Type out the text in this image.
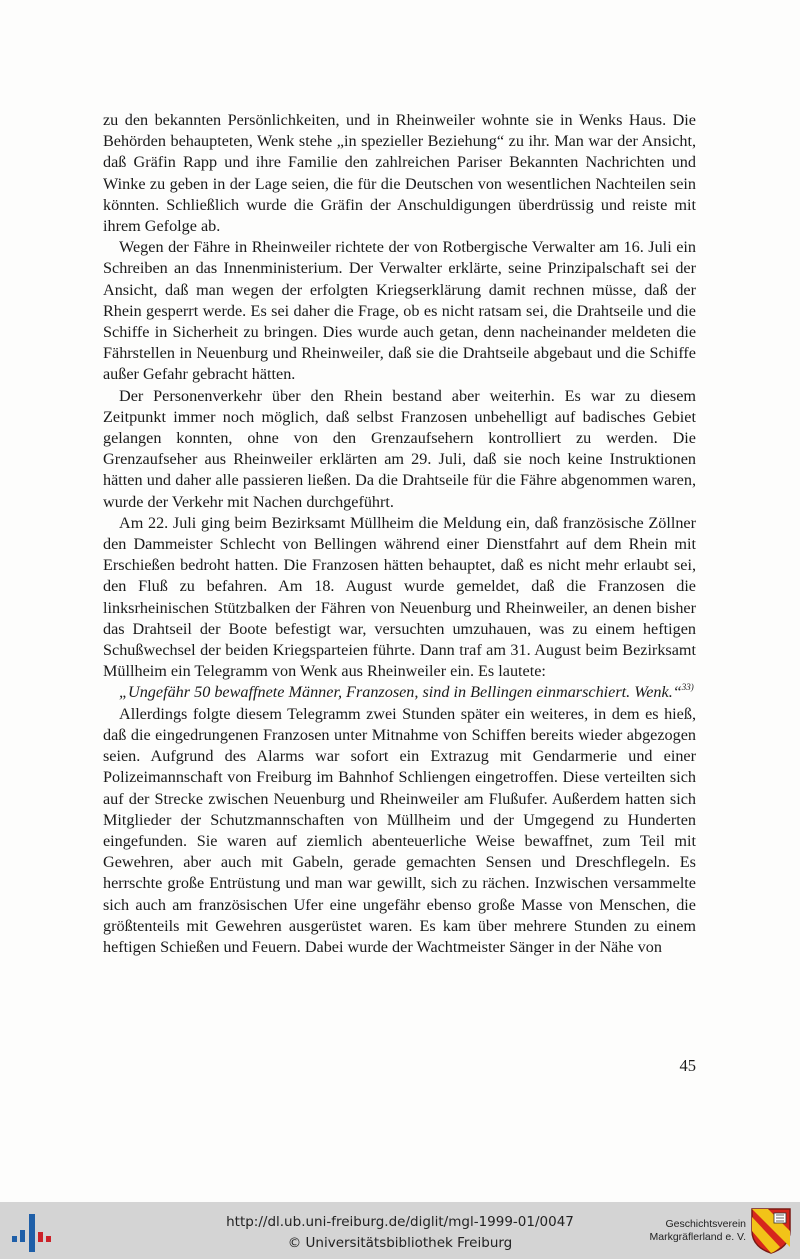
zu den bekannten Persönlichkeiten, und in Rheinweiler wohnte sie in Wenks Haus. Die Behörden behaupteten, Wenk stehe „in spezieller Beziehung“ zu ihr. Man war der Ansicht, daß Gräfin Rapp und ihre Familie den zahlreichen Pariser Bekannten Nachrichten und Winke zu geben in der Lage seien, die für die Deutschen von wesentlichen Nachteilen sein könnten. Schließlich wurde die Gräfin der Anschuldigungen überdrüssig und reiste mit ihrem Gefolge ab.

Wegen der Fähre in Rheinweiler richtete der von Rotbergische Verwalter am 16. Juli ein Schreiben an das Innenministerium. Der Verwalter erklärte, seine Prinzipalschaft sei der Ansicht, daß man wegen der erfolgten Kriegserklärung damit rechnen müsse, daß der Rhein gesperrt werde. Es sei daher die Frage, ob es nicht ratsam sei, die Drahtseile und die Schiffe in Sicherheit zu bringen. Dies wurde auch getan, denn nacheinander meldeten die Fährstellen in Neuenburg und Rheinweiler, daß sie die Drahtseile abgebaut und die Schiffe außer Gefahr gebracht hätten.

Der Personenverkehr über den Rhein bestand aber weiterhin. Es war zu diesem Zeitpunkt immer noch möglich, daß selbst Franzosen unbehelligt auf badisches Gebiet gelangen konnten, ohne von den Grenzaufsehern kontrolliert zu werden. Die Grenzaufseher aus Rheinweiler erklärten am 29. Juli, daß sie noch keine Instruktionen hätten und daher alle passieren ließen. Da die Drahtseile für die Fähre abgenommen waren, wurde der Verkehr mit Nachen durchgeführt.

Am 22. Juli ging beim Bezirksamt Müllheim die Meldung ein, daß französische Zöllner den Dammeister Schlecht von Bellingen während einer Dienstfahrt auf dem Rhein mit Erschießen bedroht hatten. Die Franzosen hätten behauptet, daß es nicht mehr erlaubt sei, den Fluß zu befahren. Am 18. August wurde gemeldet, daß die Franzosen die linksrheinischen Stützbalken der Fähren von Neuenburg und Rheinweiler, an denen bisher das Drahtseil der Boote befestigt war, versuchten umzuhauen, was zu einem heftigen Schußwechsel der beiden Kriegsparteien führte. Dann traf am 31. August beim Bezirksamt Müllheim ein Telegramm von Wenk aus Rheinweiler ein. Es lautete:

„Ungefähr 50 bewaffnete Männer, Franzosen, sind in Bellingen einmarschiert. Wenk.“$^{33)}$

Allerdings folgte diesem Telegramm zwei Stunden später ein weiteres, in dem es hieß, daß die eingedrungenen Franzosen unter Mitnahme von Schiffen bereits wieder abgezogen seien. Aufgrund des Alarms war sofort ein Extrazug mit Gendarmerie und einer Polizeimannschaft von Freiburg im Bahnhof Schliengen eingetroffen. Diese verteilten sich auf der Strecke zwischen Neuenburg und Rheinweiler am Flußufer. Außerdem hatten sich Mitglieder der Schutzmannschaften von Müllheim und der Umgegend zu Hunderten eingefunden. Sie waren auf ziemlich abenteuerliche Weise bewaffnet, zum Teil mit Gewehren, aber auch mit Gabeln, gerade gemachten Sensen und Dreschflegeln. Es herrschte große Entrüstung und man war gewillt, sich zu rächen. Inzwischen versammelte sich auch am französischen Ufer eine ungefähr ebenso große Masse von Menschen, die größtenteils mit Gewehren ausgerüstet waren. Es kam über mehrere Stunden zu einem heftigen Schießen und Feuern. Dabei wurde der Wachtmeister Sänger in der Nähe von

45
http://dl.ub.uni-freiburg.de/diglit/mgl-1999-01/0047
© Universitätsbibliothek Freiburg
Geschichtsverein
Markgräflerland e. V.
